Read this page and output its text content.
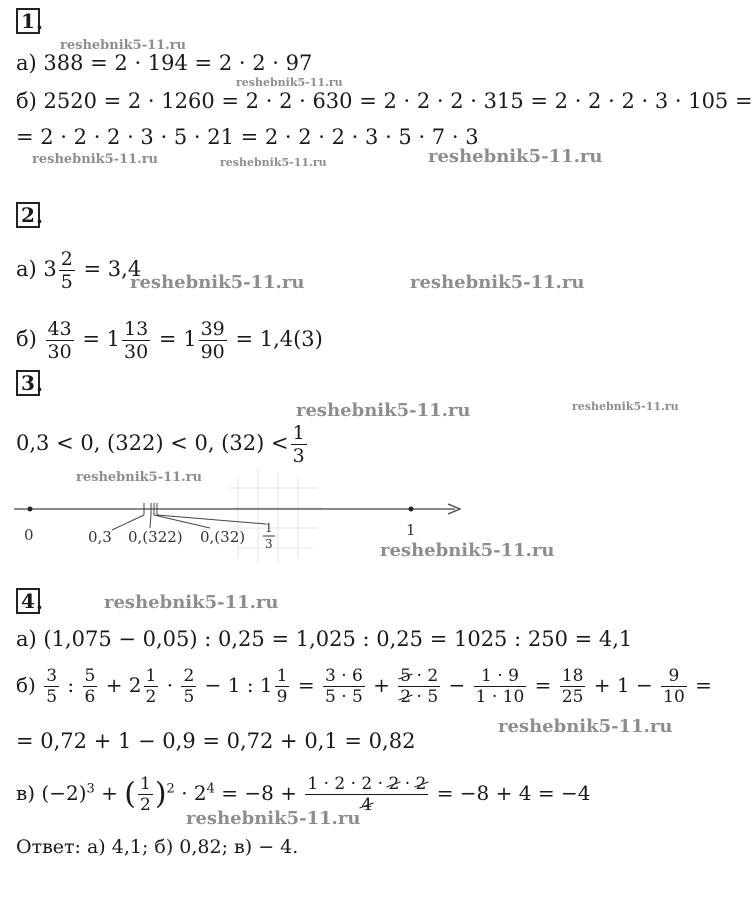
1 .
reshebnik5-11.ru
а) 388 = 2 · 194 = 2 · 2 · 97
reshebnik5-11.ru
б) 2520 = 2 · 1260 = 2 · 2 · 630 = 2 · 2 · 2 · 315 = 2 · 2 · 2 · 3 · 105 =
= 2 · 2 · 2 · 3 · 5 · 21 = 2 · 2 · 2 · 3 · 5 · 7 · 3
reshebnik5-11.ru	reshebnik5-11.ru	reshebnik5-11.ru
2 .
а) $3 \frac{2}{5} = 3,4$
reshebnik5-11.ru	reshebnik5-11.ru
$б) \frac{43}{30} = 1 \frac{13}{30} = 1 \frac{39}{90} = 1,4(3)$
3 .
reshebnik5-11.ru	reshebnik5-11.ru
0,3 < 0, (322) < 0, $(32) < \frac{1}{3}$
reshebnik5-11.ru
0	1
0,3 0,(322) 0,(32) 1
3	reshebnik5-11.ru
4 .	reshebnik5-11.ru
а) (1,075 − 0,05) : 0,25 = 1,025 : 0,25 = 1025 : 250 = 4,1
$б) \frac{3}{5}$ : $\frac{5}{6} + 2 \frac{1}{2} \cdot \frac{2}{5} - 1$ : $1 \frac{1}{9} = \frac{3 \cdot 6}{5 \cdot 5} + \frac{5 \cdot 2}{2 \cdot 5} - \frac{1 \cdot 9}{1 \cdot 10} = \frac{18}{25} + 1 - \frac{9}{10}$ =
= 0,72 + 1 − 0,9 = 0,72 + 0,1 = 0,82
reshebnik5-11.ru
в) $(-2)^3$ + ( $\frac{1}{2} )^2 \cdot 2^4 = -8 + \frac{1 \cdot 2 \cdot 2 \cdot 2 \cdot 2}{4} = -8 + 4 = -4$
reshebnik5-11.ru
Ответ: а) 4,1; б) 0,82; в) − 4.
